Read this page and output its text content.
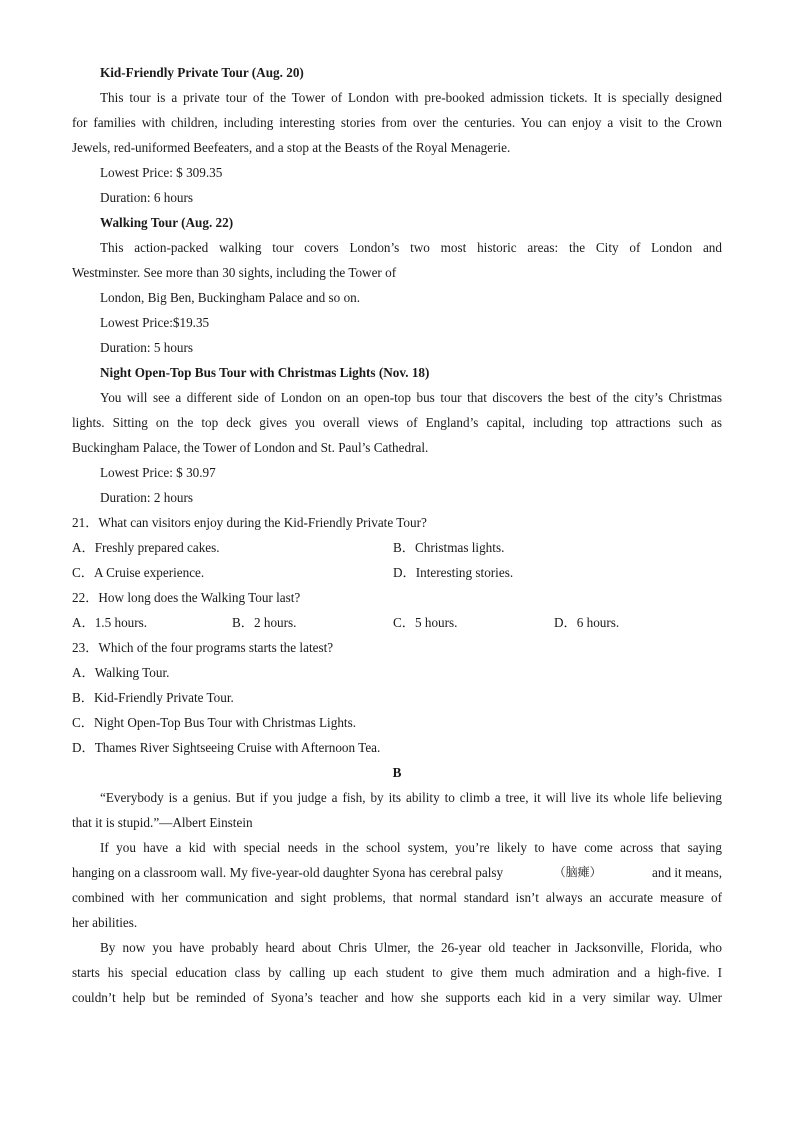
Kid-Friendly Private Tour (Aug. 20)
This tour is a private tour of the Tower of London with pre-booked admission tickets. It is specially designed
for families with children, including interesting stories from over the centuries. You can enjoy a visit to the Crown
Jewels, red-uniformed Beefeaters, and a stop at the Beasts of the Royal Menagerie.
Lowest Price: $ 309.35
Duration: 6 hours
Walking Tour (Aug. 22)
This action-packed walking tour covers London’s two most historic areas: the City of London and
Westminster. See more than 30 sights, including the Tower of
London, Big Ben, Buckingham Palace and so on.
Lowest Price:$19.35
Duration: 5 hours
Night Open-Top Bus Tour with Christmas Lights (Nov. 18)
You will see a different side of London on an open-top bus tour that discovers the best of the city’s Christmas
lights. Sitting on the top deck gives you overall views of England’s capital, including top attractions such as
Buckingham Palace, the Tower of London and St. Paul’s Cathedral.
Lowest Price: $ 30.97
Duration: 2 hours
21．What can visitors enjoy during the Kid-Friendly Private Tour?
A．Freshly prepared cakes.	B．Christmas lights.
C．A Cruise experience.	D．Interesting stories.
22．How long does the Walking Tour last?
A．1.5 hours.	B．2 hours.	C．5 hours.	D．6 hours.
23．Which of the four programs starts the latest?
A．Walking Tour.
B．Kid-Friendly Private Tour.
C．Night Open-Top Bus Tour with Christmas Lights.
D．Thames River Sightseeing Cruise with Afternoon Tea.
B
“Everybody is a genius. But if you judge a fish, by its ability to climb a tree, it will live its whole life believing
that it is stupid.”—Albert Einstein
If you have a kid with special needs in the school system, you’re likely to have come across that saying
hanging on a classroom wall. My five-year-old daughter Syona has cerebral palsy	（脑瘫）	and it means,
combined with her communication and sight problems, that normal standard isn’t always an accurate measure of
her abilities.
By now you have probably heard about Chris Ulmer, the 26-year old teacher in Jacksonville, Florida, who
starts his special education class by calling up each student to give them much admiration and a high-five. I
couldn’t help but be reminded of Syona’s teacher and how she supports each kid in a very similar way. Ulmer
